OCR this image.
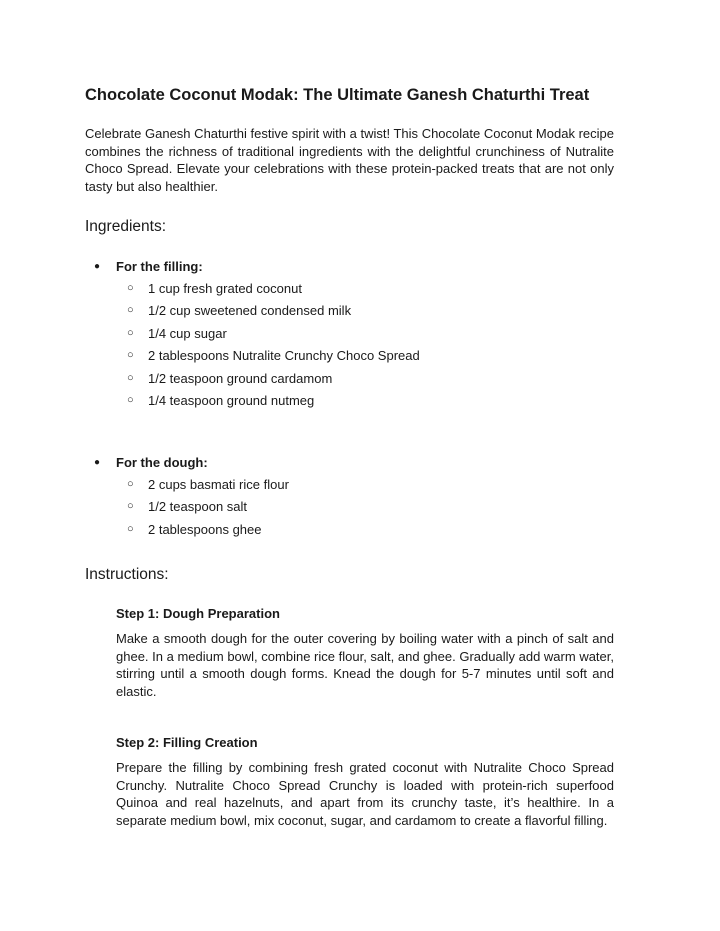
Chocolate Coconut Modak: The Ultimate Ganesh Chaturthi Treat

Celebrate Ganesh Chaturthi festive spirit with a twist! This Chocolate Coconut Modak recipe combines the richness of traditional ingredients with the delightful crunchiness of Nutralite Choco Spread. Elevate your celebrations with these protein-packed treats that are not only tasty but also healthier.

Ingredients:
● For the filling:
○ 1 cup fresh grated coconut
○ 1/2 cup sweetened condensed milk
○ 1/4 cup sugar
○ 2 tablespoons Nutralite Crunchy Choco Spread
○ 1/2 teaspoon ground cardamom
○ 1/4 teaspoon ground nutmeg
● For the dough:
○ 2 cups basmati rice flour
○ 1/2 teaspoon salt
○ 2 tablespoons ghee
Instructions:
Step 1: Dough Preparation

Make a smooth dough for the outer covering by boiling water with a pinch of salt and ghee. In a medium bowl, combine rice flour, salt, and ghee. Gradually add warm water, stirring until a smooth dough forms. Knead the dough for 5-7 minutes until soft and elastic.

Step 2: Filling Creation

Prepare the filling by combining fresh grated coconut with Nutralite Choco Spread Crunchy. Nutralite Choco Spread Crunchy is loaded with protein-rich superfood Quinoa and real hazelnuts, and apart from its crunchy taste, it’s healthire. In a separate medium bowl, mix coconut, sugar, and cardamom to create a flavorful filling.
